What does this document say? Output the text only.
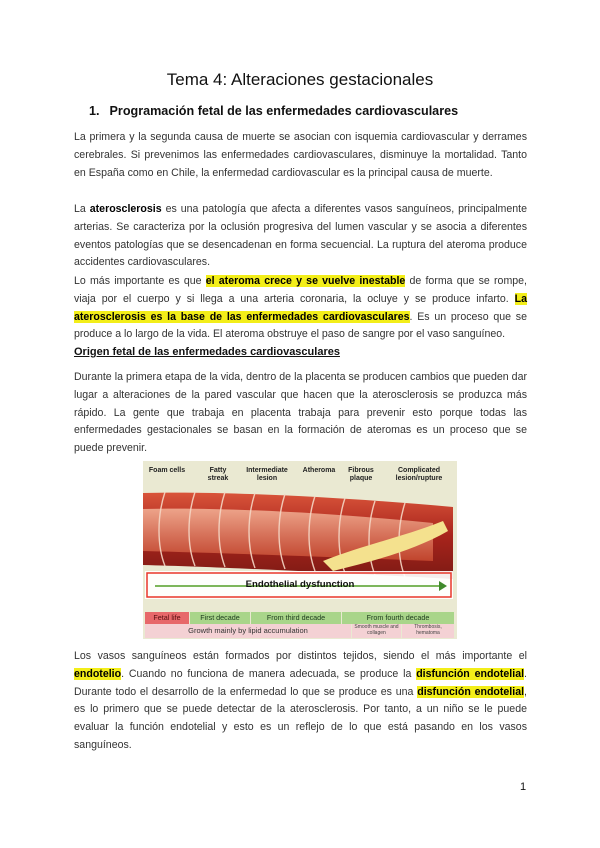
Tema 4: Alteraciones gestacionales
1. Programación fetal de las enfermedades cardiovasculares
La primera y la segunda causa de muerte se asocian con isquemia cardiovascular y derrames cerebrales. Si prevenimos las enfermedades cardiovasculares, disminuye la mortalidad. Tanto en España como en Chile, la enfermedad cardiovascular es la principal causa de muerte.
La aterosclerosis es una patología que afecta a diferentes vasos sanguíneos, principalmente arterias. Se caracteriza por la oclusión progresiva del lumen vascular y se asocia a diferentes eventos patologías que se desencadenan en forma secuencial. La ruptura del ateroma produce accidentes cardiovasculares.
Lo más importante es que el ateroma crece y se vuelve inestable de forma que se rompe, viaja por el cuerpo y si llega a una arteria coronaria, la ocluye y se produce infarto. La aterosclerosis es la base de las enfermedades cardiovasculares. Es un proceso que se produce a lo largo de la vida. El ateroma obstruye el paso de sangre por el vaso sanguíneo.
Origen fetal de las enfermedades cardiovasculares
Durante la primera etapa de la vida, dentro de la placenta se producen cambios que pueden dar lugar a alteraciones de la pared vascular que hacen que la aterosclerosis se produzca más rápido. La gente que trabaja en placenta trabaja para prevenir esto porque todas las enfermedades gestacionales se basan en la formación de ateromas es un proceso que se puede prevenir.
Foam cells	Fatty streak
Intermediate lesion
Atheroma	Fibrous plaque
Complicated lesion/rupture
Endothelial dysfunction
Fetal life	First decade	From third decade	From fourth decade
Growth mainly by lipid accumulation	Smooth muscle and collagen
Thrombosis, hematoma
Los vasos sanguíneos están formados por distintos tejidos, siendo el más importante el endotelio. Cuando no funciona de manera adecuada, se produce la disfunción endotelial. Durante todo el desarrollo de la enfermedad lo que se produce es una disfunción endotelial, es lo primero que se puede detectar de la aterosclerosis. Por tanto, a un niño se le puede evaluar la función endotelial y esto es un reflejo de lo que está pasando en los vasos sanguíneos.
1
